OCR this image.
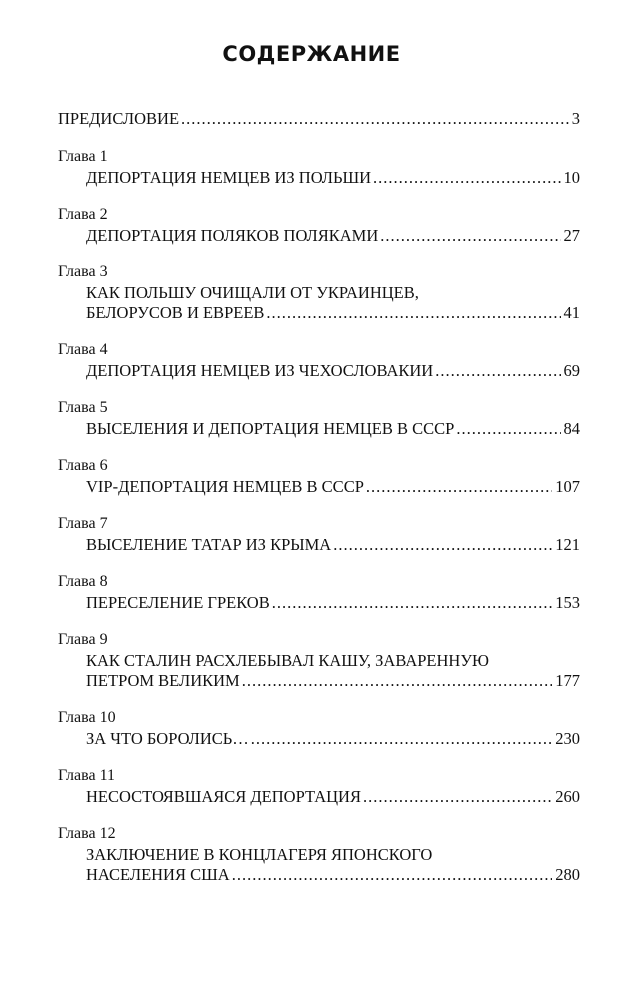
СОДЕРЖАНИЕ
ПРЕДИСЛОВИЕ .....	3
Глава 1
ДЕПОРТАЦИЯ НЕМЦЕВ ИЗ ПОЛЬШИ .....	10
Глава 2
ДЕПОРТАЦИЯ ПОЛЯКОВ ПОЛЯКАМИ .....	27
Глава 3
КАК ПОЛЬШУ ОЧИЩАЛИ ОТ УКРАИНЦЕВ,
БЕЛОРУСОВ И ЕВРЕЕВ .....	41
Глава 4
ДЕПОРТАЦИЯ НЕМЦЕВ ИЗ ЧЕХОСЛОВАКИИ .....	69
Глава 5
ВЫСЕЛЕНИЯ И ДЕПОРТАЦИЯ НЕМЦЕВ В СССР .....	84
Глава 6
VIP-ДЕПОРТАЦИЯ НЕМЦЕВ В СССР .....	107
Глава 7
ВЫСЕЛЕНИЕ ТАТАР ИЗ КРЫМА .....	121
Глава 8
ПЕРЕСЕЛЕНИЕ ГРЕКОВ .....	153
Глава 9
КАК СТАЛИН РАСХЛЕБЫВАЛ КАШУ, ЗАВАРЕННУЮ
ПЕТРОМ ВЕЛИКИМ .....	177
Глава 10
ЗА ЧТО БОРОЛИСЬ… .....	230
Глава 11
НЕСОСТОЯВШАЯСЯ ДЕПОРТАЦИЯ .....	260
Глава 12
ЗАКЛЮЧЕНИЕ В КОНЦЛАГЕРЯ ЯПОНСКОГО
НАСЕЛЕНИЯ США .....	280
